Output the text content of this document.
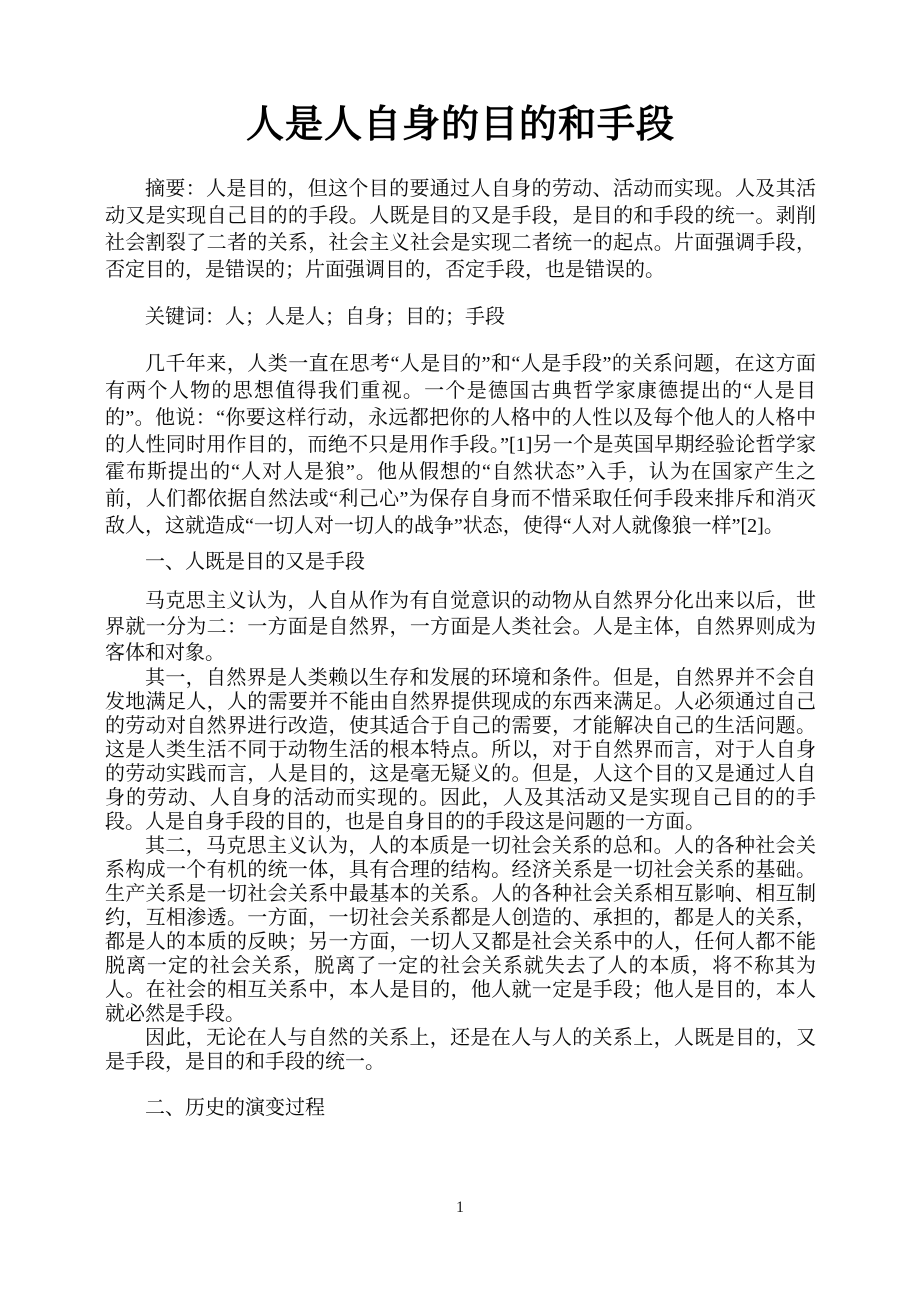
人是人自身的目的和手段

摘要：人是目的，但这个目的要通过人自身的劳动、活动而实现。人及其活动又是实现自己目的的手段。人既是目的又是手段，是目的和手段的统一。剥削社会割裂了二者的关系，社会主义社会是实现二者统一的起点。片面强调手段，否定目的，是错误的；片面强调目的，否定手段，也是错误的。

关键词：人；人是人；自身；目的；手段

几千年来，人类一直在思考“人是目的”和“人是手段”的关系问题，在这方面有两个人物的思想值得我们重视。一个是德国古典哲学家康德提出的“人是目的”。他说：“你要这样行动，永远都把你的人格中的人性以及每个他人的人格中的人性同时用作目的，而绝不只是用作手段。”[1]另一个是英国早期经验论哲学家霍布斯提出的“人对人是狼”。他从假想的“自然状态”入手，认为在国家产生之前，人们都依据自然法或“利己心”为保存自身而不惜采取任何手段来排斥和消灭敌人，这就造成“一切人对一切人的战争”状态，使得“人对人就像狼一样”[2]。

一、人既是目的又是手段

马克思主义认为，人自从作为有自觉意识的动物从自然界分化出来以后，世界就一分为二：一方面是自然界，一方面是人类社会。人是主体，自然界则成为客体和对象。

其一，自然界是人类赖以生存和发展的环境和条件。但是，自然界并不会自发地满足人，人的需要并不能由自然界提供现成的东西来满足。人必须通过自己的劳动对自然界进行改造，使其适合于自己的需要，才能解决自己的生活问题。这是人类生活不同于动物生活的根本特点。所以，对于自然界而言，对于人自身的劳动实践而言，人是目的，这是毫无疑义的。但是，人这个目的又是通过人自身的劳动、人自身的活动而实现的。因此，人及其活动又是实现自己目的的手段。人是自身手段的目的，也是自身目的的手段这是问题的一方面。

其二，马克思主义认为，人的本质是一切社会关系的总和。人的各种社会关系构成一个有机的统一体，具有合理的结构。经济关系是一切社会关系的基础。生产关系是一切社会关系中最基本的关系。人的各种社会关系相互影响、相互制约，互相渗透。一方面，一切社会关系都是人创造的、承担的，都是人的关系，都是人的本质的反映；另一方面，一切人又都是社会关系中的人，任何人都不能脱离一定的社会关系，脱离了一定的社会关系就失去了人的本质，将不称其为人。在社会的相互关系中，本人是目的，他人就一定是手段；他人是目的，本人就必然是手段。

因此，无论在人与自然的关系上，还是在人与人的关系上，人既是目的，又是手段，是目的和手段的统一。

二、历史的演变过程
1
